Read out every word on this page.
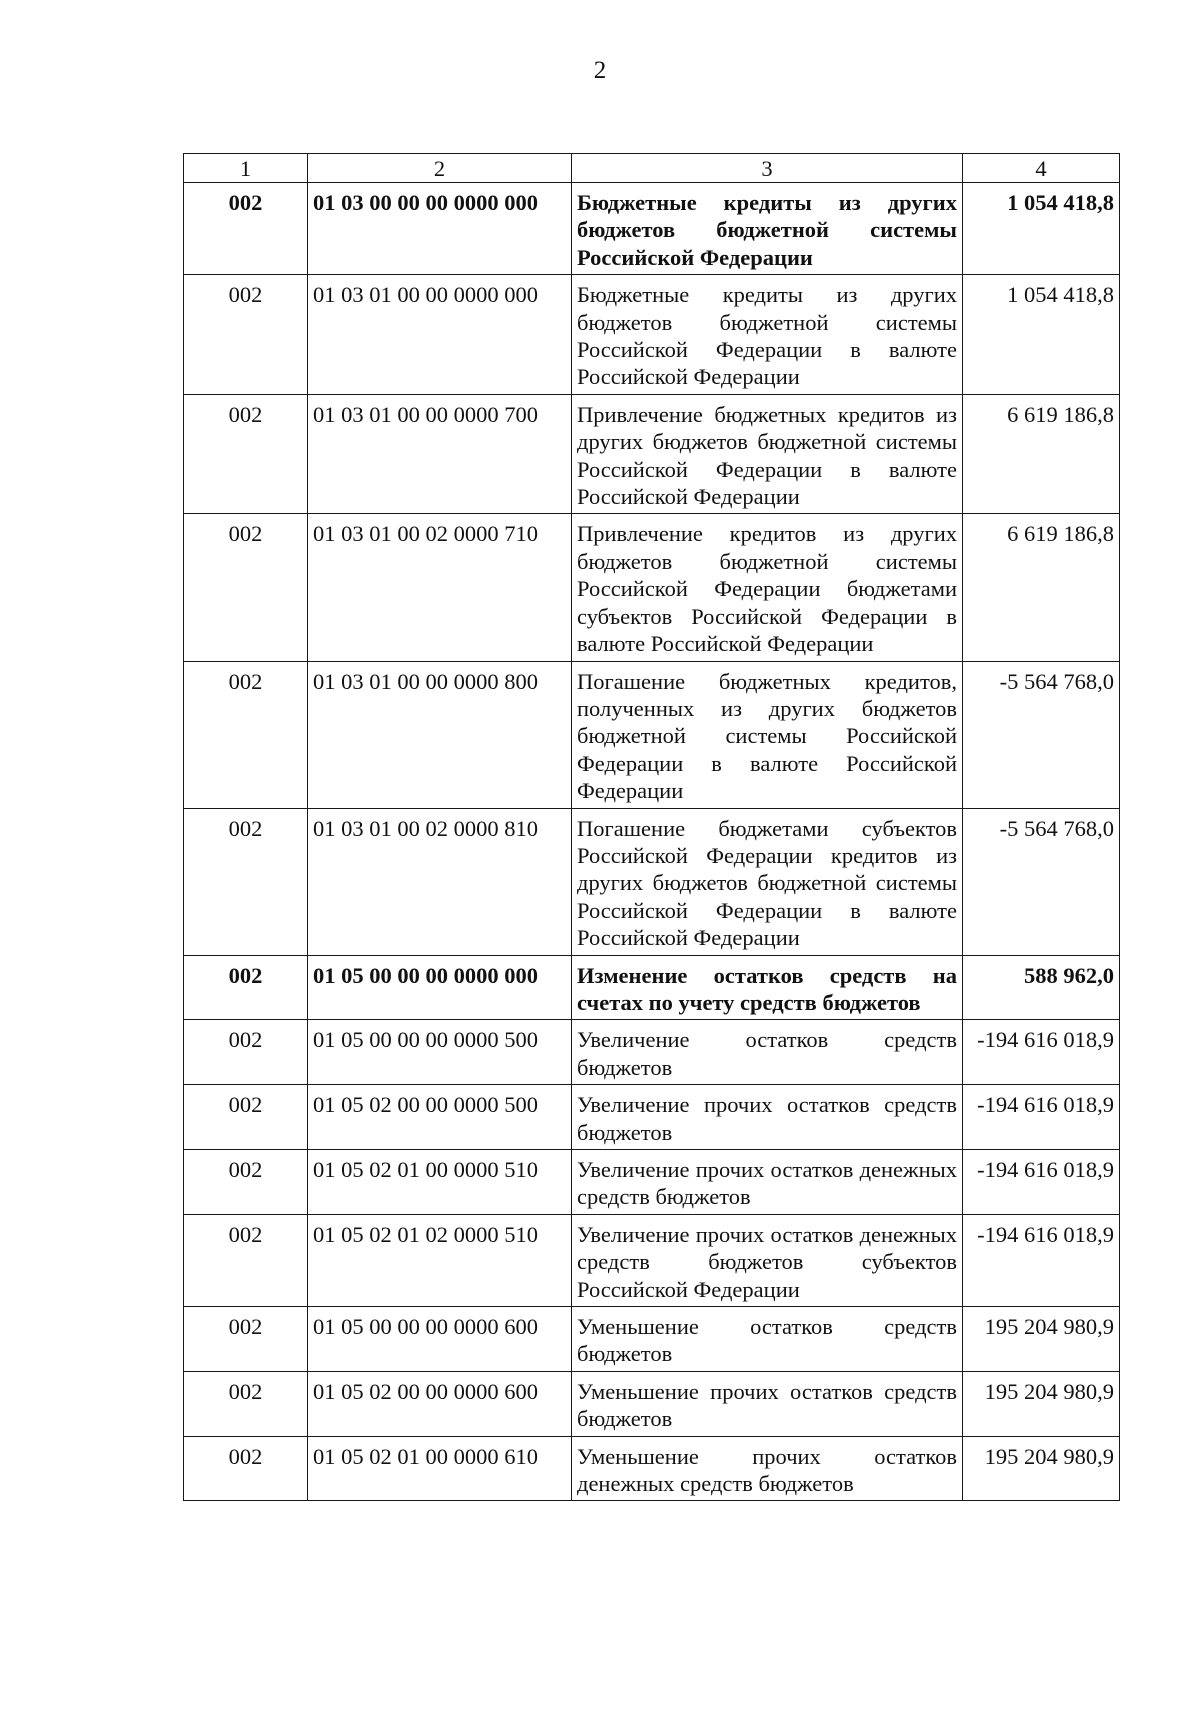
2
1	2	3	4
002	01 03 00 00 00 0000 000	Бюджетные кредиты из других бюджетов бюджетной системы Российской Федерации	1 054 418,8
002	01 03 01 00 00 0000 000	Бюджетные кредиты из других бюджетов бюджетной системы Российской Федерации в валюте Российской Федерации	1 054 418,8
002	01 03 01 00 00 0000 700	Привлечение бюджетных кредитов из других бюджетов бюджетной системы Российской Федерации в валюте Российской Федерации	6 619 186,8
002	01 03 01 00 02 0000 710	Привлечение кредитов из других бюджетов бюджетной системы Российской Федерации бюджетами субъектов Российской Федерации в валюте Российской Федерации	6 619 186,8
002	01 03 01 00 00 0000 800	Погашение бюджетных кредитов, полученных из других бюджетов бюджетной системы Российской Федерации в валюте Российской Федерации	-5 564 768,0
002	01 03 01 00 02 0000 810	Погашение бюджетами субъектов Российской Федерации кредитов из других бюджетов бюджетной системы Российской Федерации в валюте Российской Федерации	-5 564 768,0
002	01 05 00 00 00 0000 000	Изменение остатков средств на счетах по учету средств бюджетов	588 962,0
002	01 05 00 00 00 0000 500	Увеличение остатков средств бюджетов	-194 616 018,9
002	01 05 02 00 00 0000 500	Увеличение прочих остатков средств бюджетов	-194 616 018,9
002	01 05 02 01 00 0000 510	Увеличение прочих остатков денежных средств бюджетов	-194 616 018,9
002	01 05 02 01 02 0000 510	Увеличение прочих остатков денежных средств бюджетов субъектов Российской Федерации	-194 616 018,9
002	01 05 00 00 00 0000 600	Уменьшение остатков средств бюджетов	195 204 980,9
002	01 05 02 00 00 0000 600	Уменьшение прочих остатков средств бюджетов	195 204 980,9
002	01 05 02 01 00 0000 610	Уменьшение прочих остатков денежных средств бюджетов	195 204 980,9
